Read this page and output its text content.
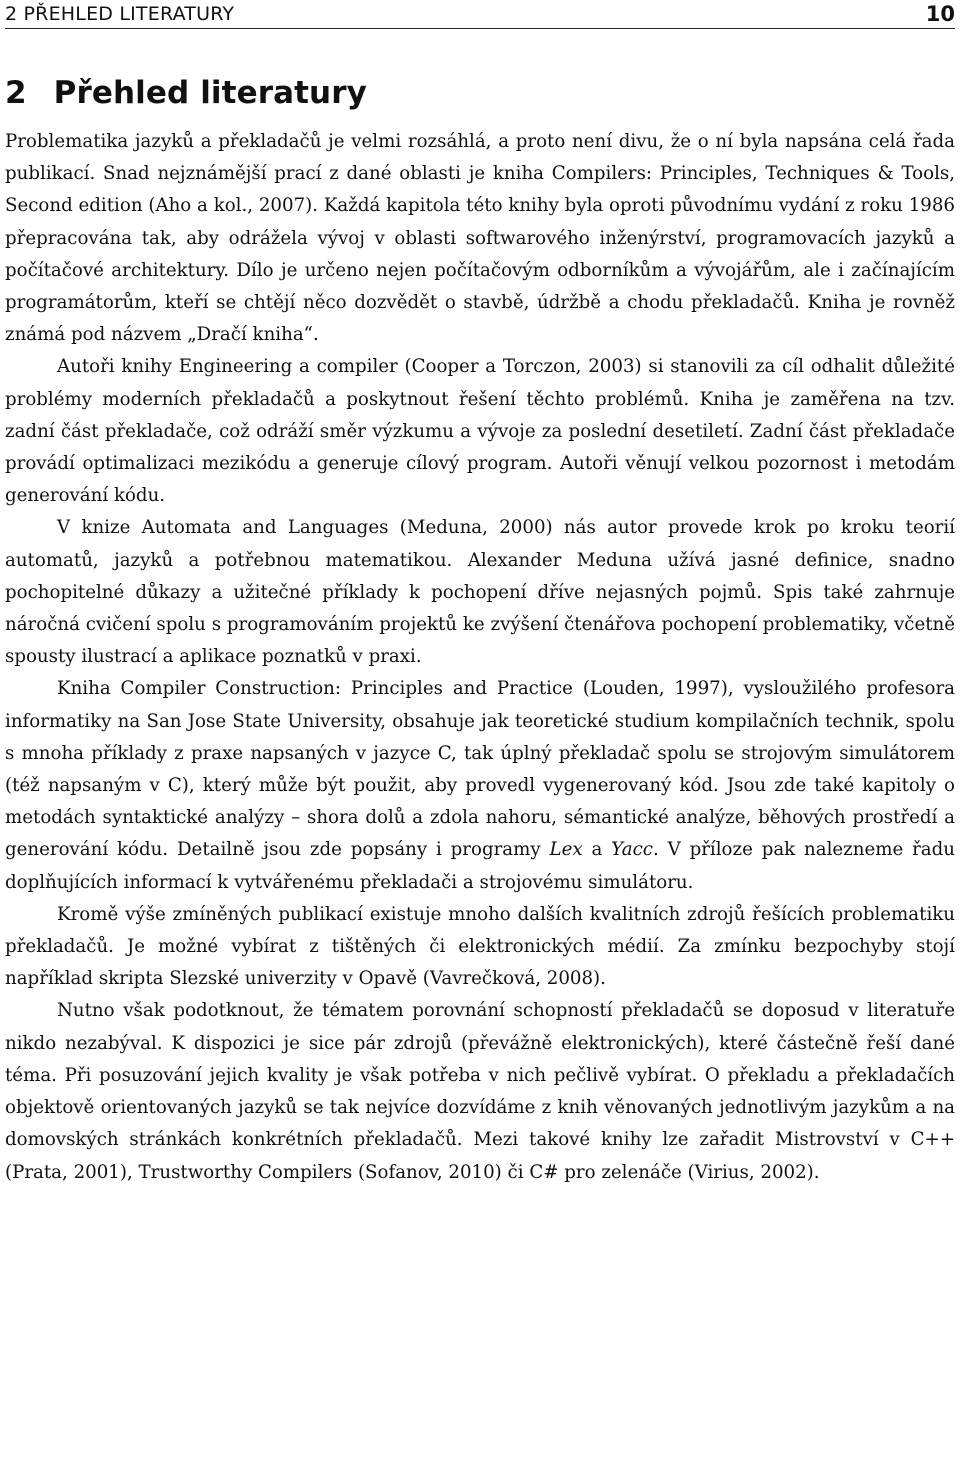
2 PŘEHLED LITERATURY	10
2 Přehled literatury

Problematika jazyků a překladačů je velmi rozsáhlá, a proto není divu, že o ní byla napsána celá řada publikací. Snad nejznámější prací z dané oblasti je kniha Compilers: Principles, Techniques & Tools, Second edition (Aho a kol., 2007). Každá kapitola této knihy byla oproti původnímu vydání z roku 1986 přepracována tak, aby odrážela vývoj v oblasti softwarového inženýrství, programovacích jazyků a počítačové architektury. Dílo je určeno nejen počítačovým odborníkům a vývojářům, ale i začínajícím programátorům, kteří se chtějí něco dozvědět o stavbě, údržbě a chodu překladačů. Kniha je rovněž známá pod názvem „Dračí kniha“.

Autoři knihy Engineering a compiler (Cooper a Torczon, 2003) si stanovili za cíl odhalit důležité problémy moderních překladačů a poskytnout řešení těchto problémů. Kniha je zaměřena na tzv. zadní část překladače, což odráží směr výzkumu a vývoje za poslední desetiletí. Zadní část překladače provádí optimalizaci mezikódu a generuje cílový program. Autoři věnují velkou pozornost i metodám generování kódu.

V knize Automata and Languages (Meduna, 2000) nás autor provede krok po kroku teorií automatů, jazyků a potřebnou matematikou. Alexander Meduna užívá jasné definice, snadno pochopitelné důkazy a užitečné příklady k pochopení dříve nejasných pojmů. Spis také zahrnuje náročná cvičení spolu s programováním projektů ke zvýšení čtenářova pochopení problematiky, včetně spousty ilustrací a aplikace poznatků v praxi.

Kniha Compiler Construction: Principles and Practice (Louden, 1997), vysloužilého profesora informatiky na San Jose State University, obsahuje jak teoretické studium kompilačních technik, spolu s mnoha příklady z praxe napsaných v jazyce C, tak úplný překladač spolu se strojovým simulátorem (též napsaným v C), který může být použit, aby provedl vygenerovaný kód. Jsou zde také kapitoly o metodách syntaktické analýzy – shora dolů a zdola nahoru, sémantické analýze, běhových prostředí a generování kódu. Detailně jsou zde popsány i programy Lex a Yacc. V příloze pak nalezneme řadu doplňujících informací k vytvářenému překladači a strojovému simulátoru.

Kromě výše zmíněných publikací existuje mnoho dalších kvalitních zdrojů řešících problematiku překladačů. Je možné vybírat z tištěných či elektronických médií. Za zmínku bezpochyby stojí například skripta Slezské univerzity v Opavě (Vavrečková, 2008).

Nutno však podotknout, že tématem porovnání schopností překladačů se doposud v literatuře nikdo nezabýval. K dispozici je sice pár zdrojů (převážně elektronických), které částečně řeší dané téma. Při posuzování jejich kvality je však potřeba v nich pečlivě vybírat. O překladu a překladačích objektově orientovaných jazyků se tak nejvíce dozvídáme z knih věnovaných jednotlivým jazykům a na domovských stránkách konkrétních překladačů. Mezi takové knihy lze zařadit Mistrovství v C++ (Prata, 2001), Trustworthy Compilers (Sofanov, 2010) či C# pro zelenáče (Virius, 2002).
